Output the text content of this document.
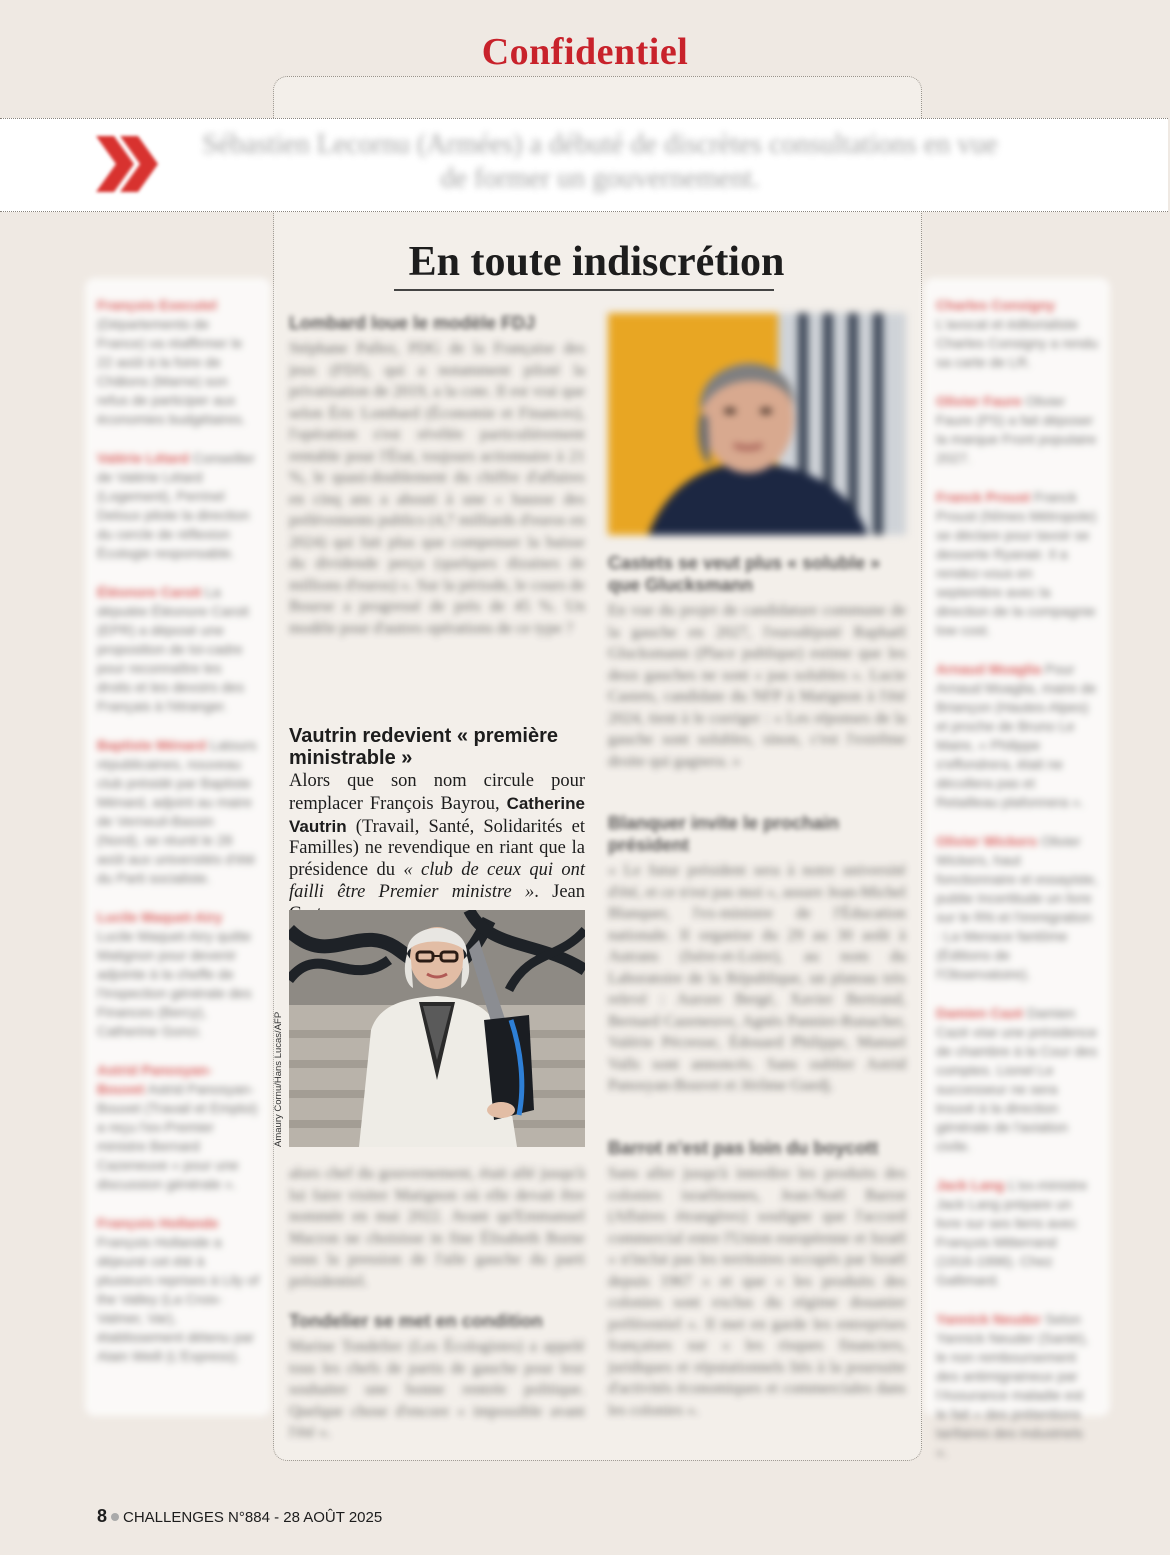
Confidentiel
Sébastien Lecornu (Armées) a débuté de discrètes consultations en vue de former un gouvernement.
En toute indiscrétion
François Executel (Départements de France) va réaffirmer le 22 août à la foire de Châlons (Marne) son refus de participer aux économies budgétaires.
Valérie Létard Conseiller de Valérie Létard (Logement), Perrinel Deloux pilote la direction du cercle de réflexion Écologie responsable.
Éléonore Caroit La députée Éléonore Caroit (EPR) a déposé une proposition de loi-cadre pour reconnaître les droits et les devoirs des Français à l'étranger.
Baptiste Ménard Latours républicaines, nouveau club présidé par Baptiste Ménard, adjoint au maire de Verneuil-Bassin (Nord), se réunit le 28 août aux universités d'été du Parti socialiste.
Lucile Maquet-Airy Lucile Maquet-Airy quitte Matignon pour devenir adjointe à la cheffe de l'Inspection générale des Finances (Bercy), Catherine Gonci.
Astrid Panosyan-Bouvet Astrid Panosyan-Bouvet (Travail et Emploi) a reçu l'ex-Premier ministre Bernard Cazeneuve « pour une discussion générale ».
François Hollande François Hollande a déjeuné cet été à plusieurs reprises à Lily of the Valley (La Croix-Valmer, Var), établissement détenu par Alain Weill (L'Express).
Charles Consigny L'avocat et éditorialiste Charles Consigny a rendu sa carte de LR.
Olivier Faure Olivier Faure (PS) a fait déposer la marque Front populaire 2027.
Franck Proust Franck Proust (Nîmes Métropole) se déclare pour tavoir se desserte Ryanair. Il a rendez-vous en septembre avec la direction de la compagnie low cost.
Arnaud Moaglia Pour Arnaud Moaglia, maire de Briançon (Hautes-Alpes) et proche de Bruno Le Maire, « Philippe s'effondrera, était ne décollera pas et Retailleau plafonnera ».
Olivier Wickers Olivier Wickers, haut fonctionnaire et essayiste, publie Incertitude un livre sur le RN et l'immigration : La Menace fantôme (Éditions de l'Observatoire).
Damien Cazé Damien Cazé vise une présidence de chambre à la Cour des comptes. Lionel Le successeur ne sera trouvé à la direction générale de l'aviation civile.
Jack Lang L'ex-ministre Jack Lang prépare un livre sur ses liens avec François Mitterrand (1916-1996). Chez Gallimard.
Yannick Neuder Selon Yannick Neuder (Santé), le non remboursement des antimigraineux par l'Assurance maladie est le fait « des prétentions tarifaires des industriels ».
Lombard loue le modèle FDJ
Stéphane Pallez, PDG de la Française des jeux (FDJ), qui a notamment piloté la privatisation de 2019, a la cote. Il est vrai que selon Éric Lombard (Économie et Finances), l'opération s'est révélée particulièrement rentable pour l'État, toujours actionnaire à 21 %, le quasi-doublement du chiffre d'affaires en cinq ans a abouti à une « hausse des prélèvements publics (4,7 milliards d'euros en 2024) qui fait plus que compenser la baisse du dividende perçu (quelques dizaines de millions d'euros) ». Sur la période, le cours de Bourse a progressé de près de 45 %. Un modèle pour d'autres opérations de ce type ?
Vautrin redevient « première ministrable »
Alors que son nom circule pour remplacer François Bayrou, Catherine Vautrin (Travail, Santé, Solidarités et Familles) ne revendique en riant que la présidence du « club de ceux qui ont failli être Premier ministre ». Jean
alors chef du gouvernement, était allé jusqu'à lui faire visiter Matignon où elle devait être nommée en mai 2022. Avant qu'Emmanuel Macron ne choisisse in fine Élisabeth Borne sous la pression de l'aile gauche du parti présidentiel.
Tondelier se met en condition
Marine Tondelier (Les Écologistes) a appelé tous les chefs de partis de gauche pour leur souhaiter une bonne rentrée politique. Quelque chose d'encore « impossible avant l'été ».
Castets se veut plus « soluble » que Glucksmann
En vue du projet de candidature commune de la gauche en 2027, l'eurodéputé Raphaël Glucksmann (Place publique) estime que les deux gauches ne sont « pas solubles ». Lucie Castets, candidate du NFP à Matignon à l'été 2024, tient à le corriger : « Les réponses de la gauche sont solubles, sinon, c'est l'extrême droite qui gagnera. »
Blanquer invite le prochain président
« Le futur président sera à notre université d'été, et ce n'est pas moi », assure Jean-Michel Blanquer, l'ex-ministre de l'Éducation nationale. Il organise du 29 au 30 août à Autrans (Isère-et-Loire), au nom du Laboratoire de la République, un plateau très relevé : Aurore Bergé, Xavier Bertrand, Bernard Cazeneuve, Agnès Pannier-Runacher, Valérie Pécresse, Édouard Philippe, Manuel Valls sont annoncés. Sans oublier Astrid Panosyan-Bouvet et Jérôme Guedj.
Barrot n'est pas loin du boycott
Sans aller jusqu'à interdire les produits des colonies israéliennes, Jean-Noël Barrot (Affaires étrangères) souligne que l'accord commercial entre l'Union européenne et Israël « n'inclut pas les territoires occupés par Israël depuis 1967 » et que « les produits des colonies sont exclus du régime douanier préférentiel ». Il met en garde les entreprises françaises sur « les risques financiers, juridiques et réputationnels liés à la poursuite d'activités économiques et commerciales dans les colonies ».
8 CHALLENGES N°884 - 28 AOÛT 2025
